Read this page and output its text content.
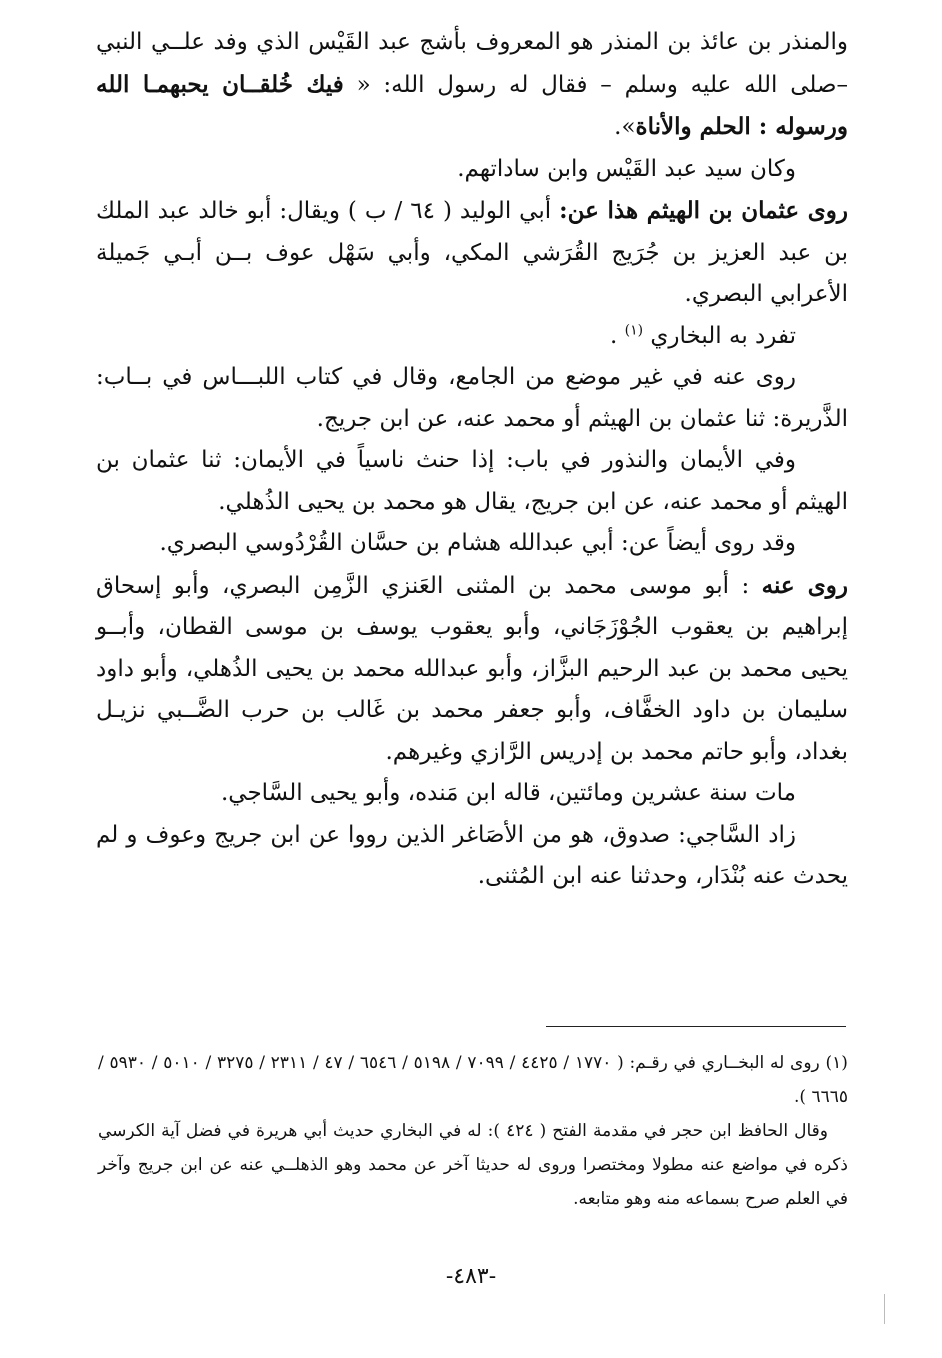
والمنذر بن عائذ بن المنذر هو المعروف بأشج عبد القَيْس الذي وفد علــي النبي –صلى الله عليه وسلم – فقال له رسول الله: « فيك خُلقــان يحبهمـا الله ورسوله : الحلم والأناة».

وكان سيد عبد القَيْس وابن ساداتهم.

روى عثمان بن الهيثم هذا عن: أبي الوليد ( ٦٤ / ب ) ويقال: أبو خالد عبد الملك بن عبد العزيز بن جُرَيج القُرَشي المكي، وأبي سَهْل عوف بــن أبـي جَميلة الأعرابي البصري.

تفرد به البخاري $^{(١)}$ .

روى عنه في غير موضع من الجامع، وقال في كتاب اللبـــاس في بــاب: الذَّريرة: ثنا عثمان بن الهيثم أو محمد عنه، عن ابن جريج.

وفي الأيمان والنذور في باب: إذا حنث ناسياً في الأيمان: ثنا عثمان بن الهيثم أو محمد عنه، عن ابن جريج، يقال هو محمد بن يحيى الذُهلي.

وقد روى أيضاً عن: أبي عبدالله هشام بن حسَّان القُرْدُوسي البصري.

روى عنه : أبو موسى محمد بن المثنى العَنزي الزَّمِن البصري، وأبو إسحاق إبراهيم بن يعقوب الجُوْزَجَاني، وأبو يعقوب يوسف بن موسى القطان، وأبــو يحيى محمد بن عبد الرحيم البزَّاز، وأبو عبدالله محمد بن يحيى الذُهلي، وأبو داود سليمان بن داود الخفَّاف، وأبو جعفر محمد بن غَالب بن حرب الضَّــبي نزيـل بغداد، وأبو حاتم محمد بن إدريس الرَّازي وغيرهم.

مات سنة عشرين ومائتين، قاله ابن مَنده، وأبو يحيى السَّاجي.

زاد السَّاجي: صدوق، هو من الأصَاغر الذين رووا عن ابن جريج وعوف و لم يحدث عنه بُنْدَار، وحدثنا عنه ابن المُثنى.

(١) روى له البخــاري في رقـم: ( ١٧٧٠ / ٤٤٢٥ / ٧٠٩٩ / ٥١٩٨ / ٦٥٤٦ / ٤٧ / ٢٣١١ / ٣٢٧٥ / ٥٠١٠ / ٥٩٣٠ / ٦٦٦٥ ).

وقال الحافظ ابن حجر في مقدمة الفتح ( ٤٢٤ ): له في البخاري حديث أبي هريرة في فضل آية الكرسي ذكره في مواضع عنه مطولا ومختصرا وروى له حديثا آخر عن محمد وهو الذهلــي عنه عن ابن جريج وآخر في العلم صرح بسماعه منه وهو متابعه.

-٤٨٣-
